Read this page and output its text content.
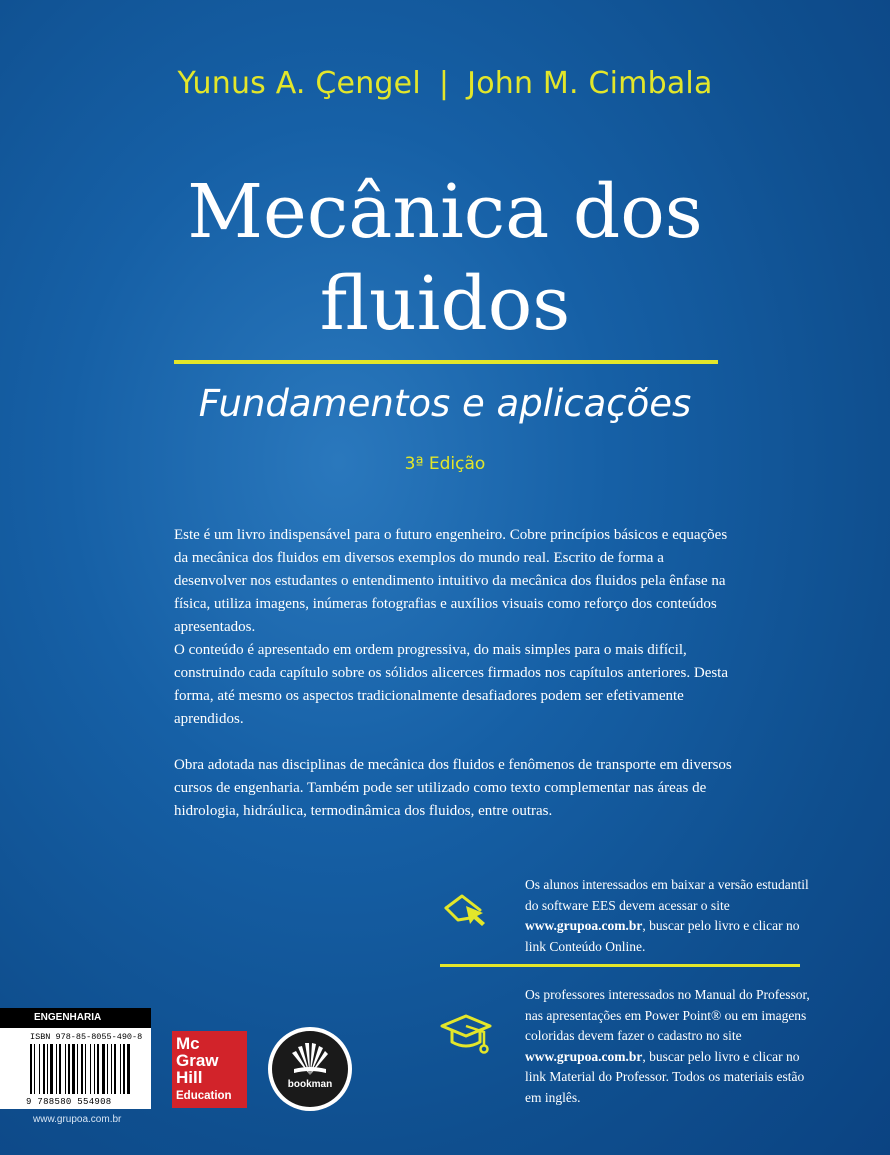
Yunus A. Çengel | John M. Cimbala
Mecânica dos
fluidos
Fundamentos e aplicações
3ª Edição

Este é um livro indispensável para o futuro engenheiro. Cobre princípios básicos e equações da mecânica dos fluidos em diversos exemplos do mundo real. Escrito de forma a desenvolver nos estudantes o entendimento intuitivo da mecânica dos fluidos pela ênfase na física, utiliza imagens, inúmeras fotografias e auxílios visuais como reforço dos conteúdos apresentados.

O conteúdo é apresentado em ordem progressiva, do mais simples para o mais difícil, construindo cada capítulo sobre os sólidos alicerces firmados nos capítulos anteriores. Desta forma, até mesmo os aspectos tradicionalmente desafiadores podem ser efetivamente aprendidos.

Obra adotada nas disciplinas de mecânica dos fluidos e fenômenos de transporte em diversos cursos de engenharia. Também pode ser utilizado como texto complementar nas áreas de hidrologia, hidráulica, termodinâmica dos fluidos, entre outras.

Os alunos interessados em baixar a versão estudantil do software EES devem acessar o site www.grupoa.com.br, buscar pelo livro e clicar no link Conteúdo Online.
Os professores interessados no Manual do Professor, nas apresentações em Power Point® ou em imagens coloridas devem fazer o cadastro no site www.grupoa.com.br, buscar pelo livro e clicar no link Material do Professor. Todos os materiais estão em inglês.
ENGENHARIA
ISBN 978-85-8055-490-8
9 788580 554908
www.grupoa.com.br
Mc
Graw
Hill
Education
bookman
